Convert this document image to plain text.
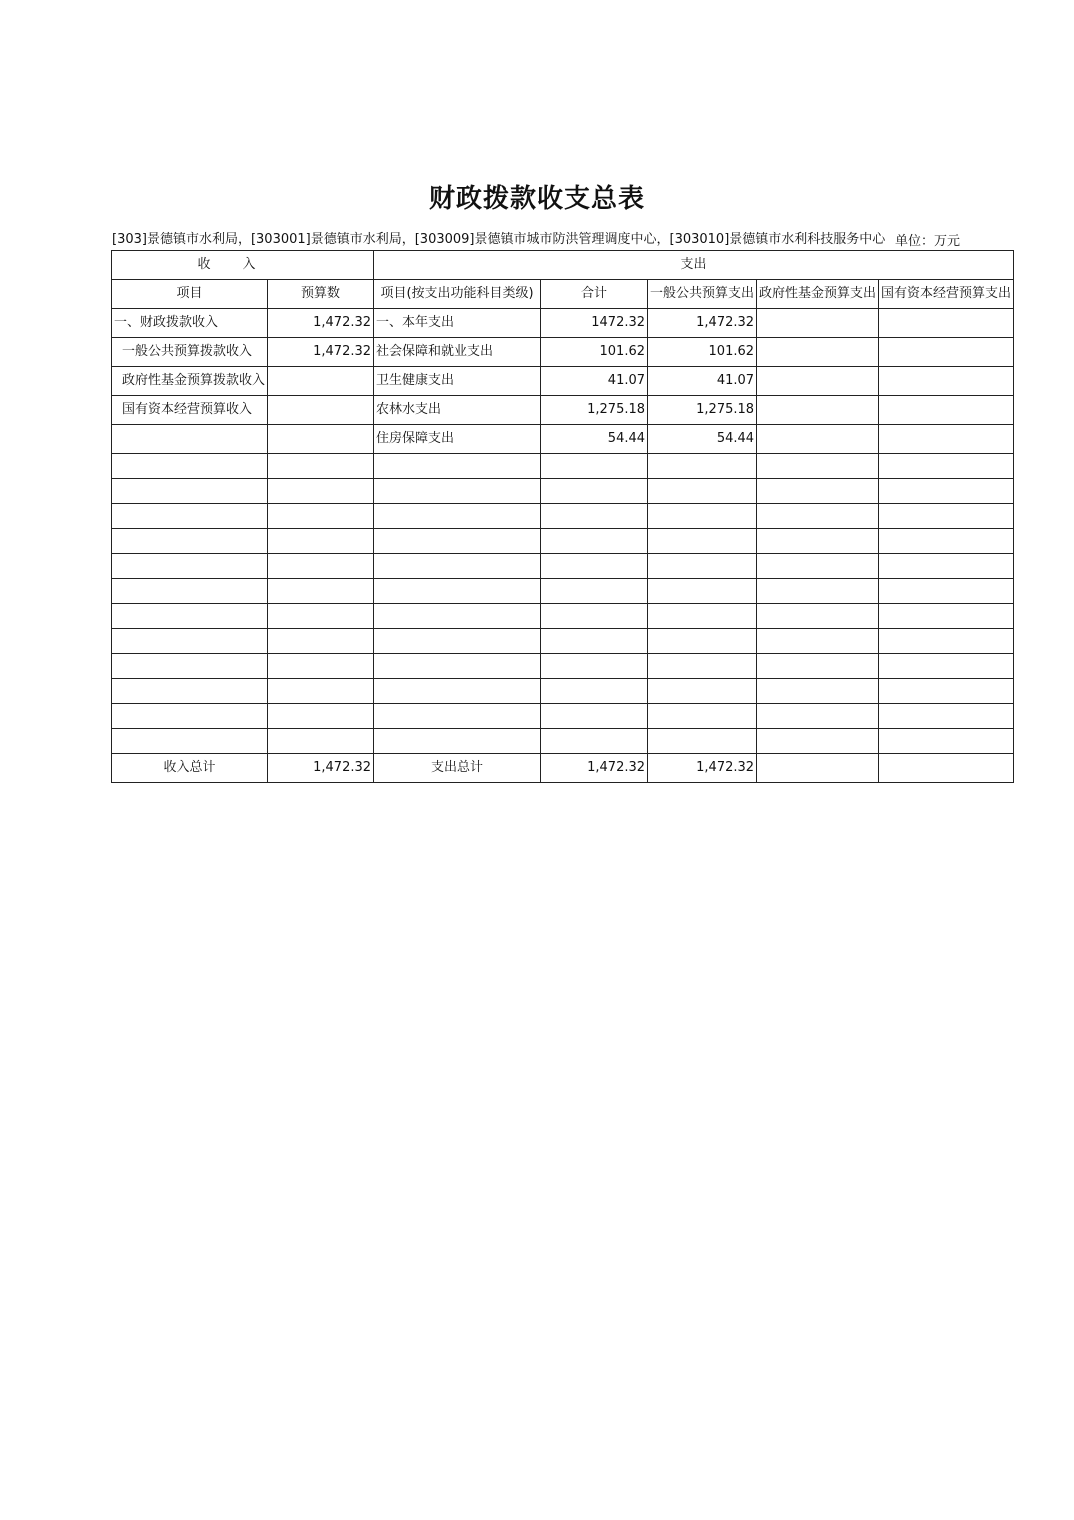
财政拨款收支总表
[303]景德镇市水利局，[303001]景德镇市水利局，[303009]景德镇市城市防洪管理调度中心，[303010]景德镇市水利科技服务中心 单位：万元
收入		支出				
项目	预算数	项目(按支出功能科目类级)	合计	一般公共预算支出	政府性基金预算支出	国有资本经营预算支出
一、财政拨款收入	1,472.32	一、本年支出	1472.32	1,472.32		
一般公共预算拨款收入	1,472.32	社会保障和就业支出	101.62	101.62		
政府性基金预算拨款收入		卫生健康支出	41.07	41.07		
国有资本经营预算收入		农林水支出	1,275.18	1,275.18		
		住房保障支出	54.44	54.44		

收入总计	1,472.32	支出总计	1,472.32	1,472.32		
